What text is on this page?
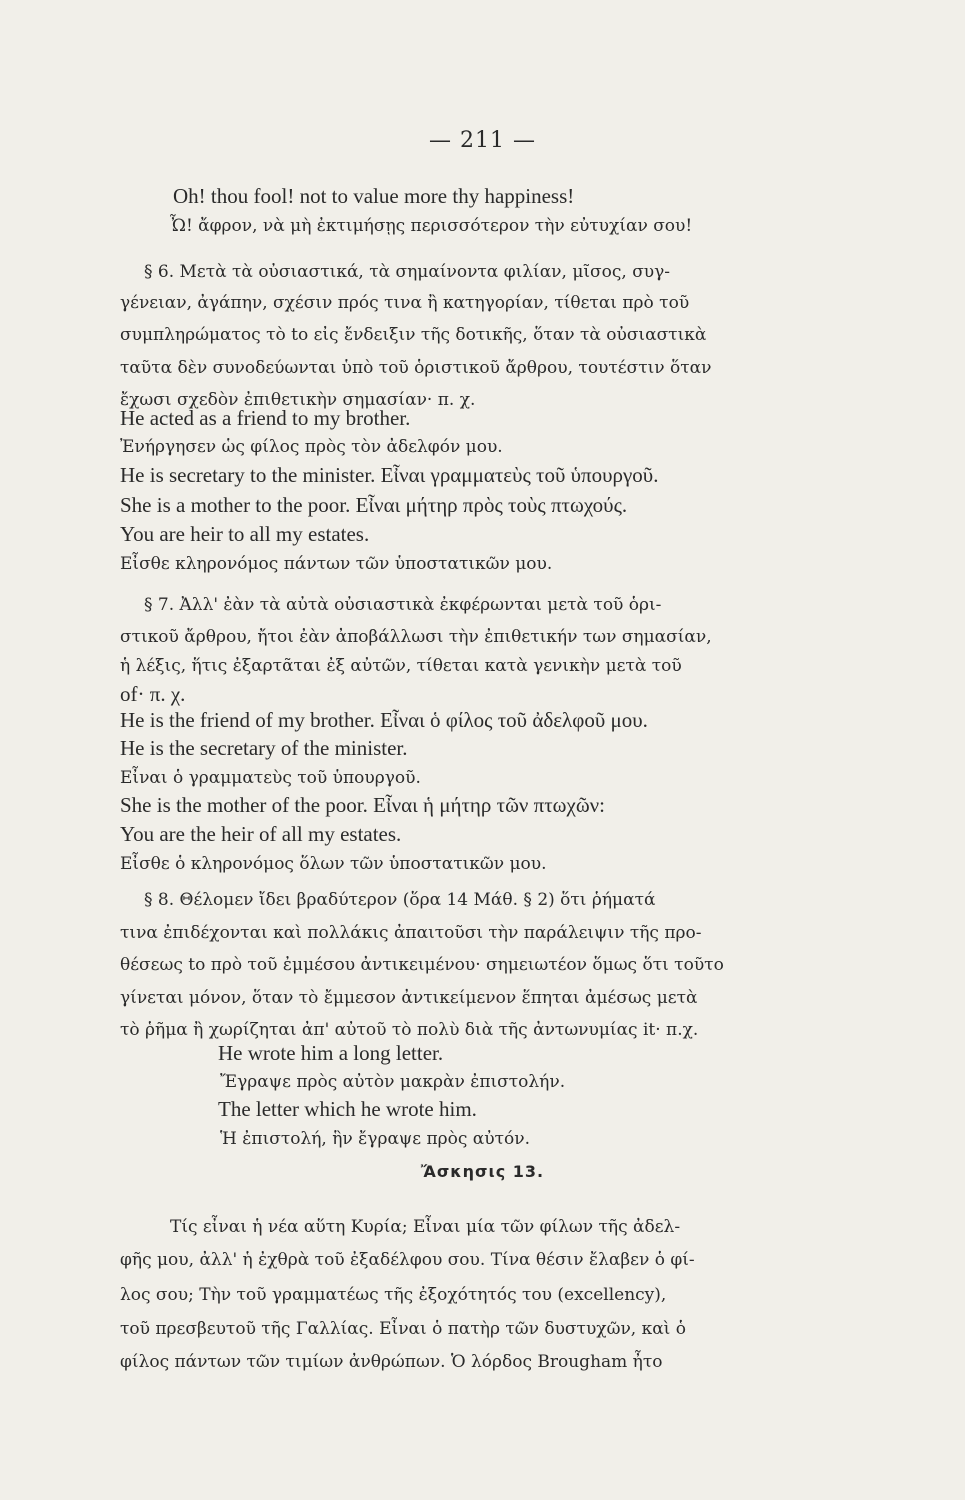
— 211 —
Oh! thou fool! not to value more thy happiness!
Ὦ! ἄφρον, νὰ μὴ ἐκτιμήσῃς περισσότερον τὴν εὐτυχίαν σου!
§ 6. Μετὰ τὰ οὐσιαστικά, τὰ σημαίνοντα φιλίαν, μῖσος, συγ-
γένειαν, ἀγάπην, σχέσιν πρός τινα ἢ κατηγορίαν, τίθεται πρὸ τοῦ
συμπληρώματος τὸ to εἰς ἔνδειξιν τῆς δοτικῆς, ὅταν τὰ οὐσιαστικὰ
ταῦτα δὲν συνοδεύωνται ὑπὸ τοῦ ὁριστικοῦ ἄρθρου, τουτέστιν ὅταν
ἔχωσι σχεδὸν ἐπιθετικὴν σημασίαν· π. χ.
He acted as a friend to my brother.
Ἐνήργησεν ὡς φίλος πρὸς τὸν ἀδελφόν μου.
He is secretary to the minister. Εἶναι γραμματεὺς τοῦ ὑπουργοῦ.
She is a mother to the poor. Εἶναι μήτηρ πρὸς τοὺς πτωχούς.
You are heir to all my estates.
Εἶσθε κληρονόμος πάντων τῶν ὑποστατικῶν μου.
§ 7. Ἀλλ' ἐὰν τὰ αὐτὰ οὐσιαστικὰ ἐκφέρωνται μετὰ τοῦ ὁρι-
στικοῦ ἄρθρου, ἤτοι ἐὰν ἀποβάλλωσι τὴν ἐπιθετικήν των σημασίαν,
ἡ λέξις, ἥτις ἐξαρτᾶται ἐξ αὐτῶν, τίθεται κατὰ γενικὴν μετὰ τοῦ
of· π. χ.
He is the friend of my brother. Εἶναι ὁ φίλος τοῦ ἀδελφοῦ μου.
He is the secretary of the minister.
Εἶναι ὁ γραμματεὺς τοῦ ὑπουργοῦ.
She is the mother of the poor. Εἶναι ἡ μήτηρ τῶν πτωχῶν:
You are the heir of all my estates.
Εἶσθε ὁ κληρονόμος ὅλων τῶν ὑποστατικῶν μου.
§ 8. Θέλομεν ἴδει βραδύτερον (ὅρα 14 Μάθ. § 2) ὅτι ῥήματά
τινα ἐπιδέχονται καὶ πολλάκις ἀπαιτοῦσι τὴν παράλειψιν τῆς προ-
θέσεως to πρὸ τοῦ ἐμμέσου ἀντικειμένου· σημειωτέον ὅμως ὅτι τοῦτο
γίνεται μόνον, ὅταν τὸ ἔμμεσον ἀντικείμενον ἕπηται ἀμέσως μετὰ
τὸ ῥῆμα ἢ χωρίζηται ἀπ' αὐτοῦ τὸ πολὺ διὰ τῆς ἀντωνυμίας it· π.χ.
He wrote him a long letter.
Ἔγραψε πρὸς αὐτὸν μακρὰν ἐπιστολήν.
The letter which he wrote him.
Ἡ ἐπιστολή, ἣν ἔγραψε πρὸς αὐτόν.
Ἄσκησις 13.
Τίς εἶναι ἡ νέα αὕτη Κυρία; Εἶναι μία τῶν φίλων τῆς ἀδελ-
φῆς μου, ἀλλ' ἡ ἐχθρὰ τοῦ ἐξαδέλφου σου. Τίνα θέσιν ἔλαβεν ὁ φί-
λος σου; Τὴν τοῦ γραμματέως τῆς ἐξοχότητός του (excellency),
τοῦ πρεσβευτοῦ τῆς Γαλλίας. Εἶναι ὁ πατὴρ τῶν δυστυχῶν, καὶ ὁ
φίλος πάντων τῶν τιμίων ἀνθρώπων. Ὁ λόρδος Brougham ἦτο
